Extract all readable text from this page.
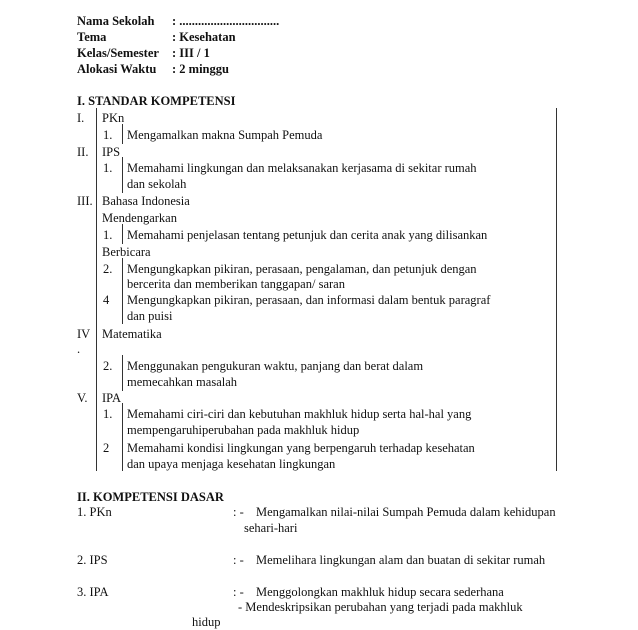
Nama Sekolah : ................................
Tema	: Kesehatan
Kelas/Semester : III / 1
Alokasi Waktu : 2 minggu
I. STANDAR KOMPETENSI
I. PKn
1. Mengamalkan makna Sumpah Pemuda
II. IPS
1. Memahami lingkungan dan melaksanakan kerjasama di sekitar rumah
dan sekolah
III. Bahasa Indonesia
Mendengarkan
1. Memahami penjelasan tentang petunjuk dan cerita anak yang dilisankan
Berbicara
2. Mengungkapkan pikiran, perasaan, pengalaman, dan petunjuk dengan
bercerita dan memberikan tanggapan/ saran
4 Mengungkapkan pikiran, perasaan, dan informasi dalam bentuk paragraf
dan puisi
IV
.
Matematika
2. Menggunakan pengukuran waktu, panjang dan berat dalam
memecahkan masalah
V. IPA
1. Memahami ciri-ciri dan kebutuhan makhluk hidup serta hal-hal yang
mempengaruhiperubahan pada makhluk hidup
2 Memahami kondisi lingkungan yang berpengaruh terhadap kesehatan
dan upaya menjaga kesehatan lingkungan
II. KOMPETENSI DASAR
1. PKn	: - Mengamalkan nilai-nilai Sumpah Pemuda dalam kehidupan
sehari-hari
2. IPS	: - Memelihara lingkungan alam dan buatan di sekitar rumah
3. IPA	: - Menggolongkan makhluk hidup secara sederhana
- Mendeskripsikan perubahan yang terjadi pada makhluk
hidup
